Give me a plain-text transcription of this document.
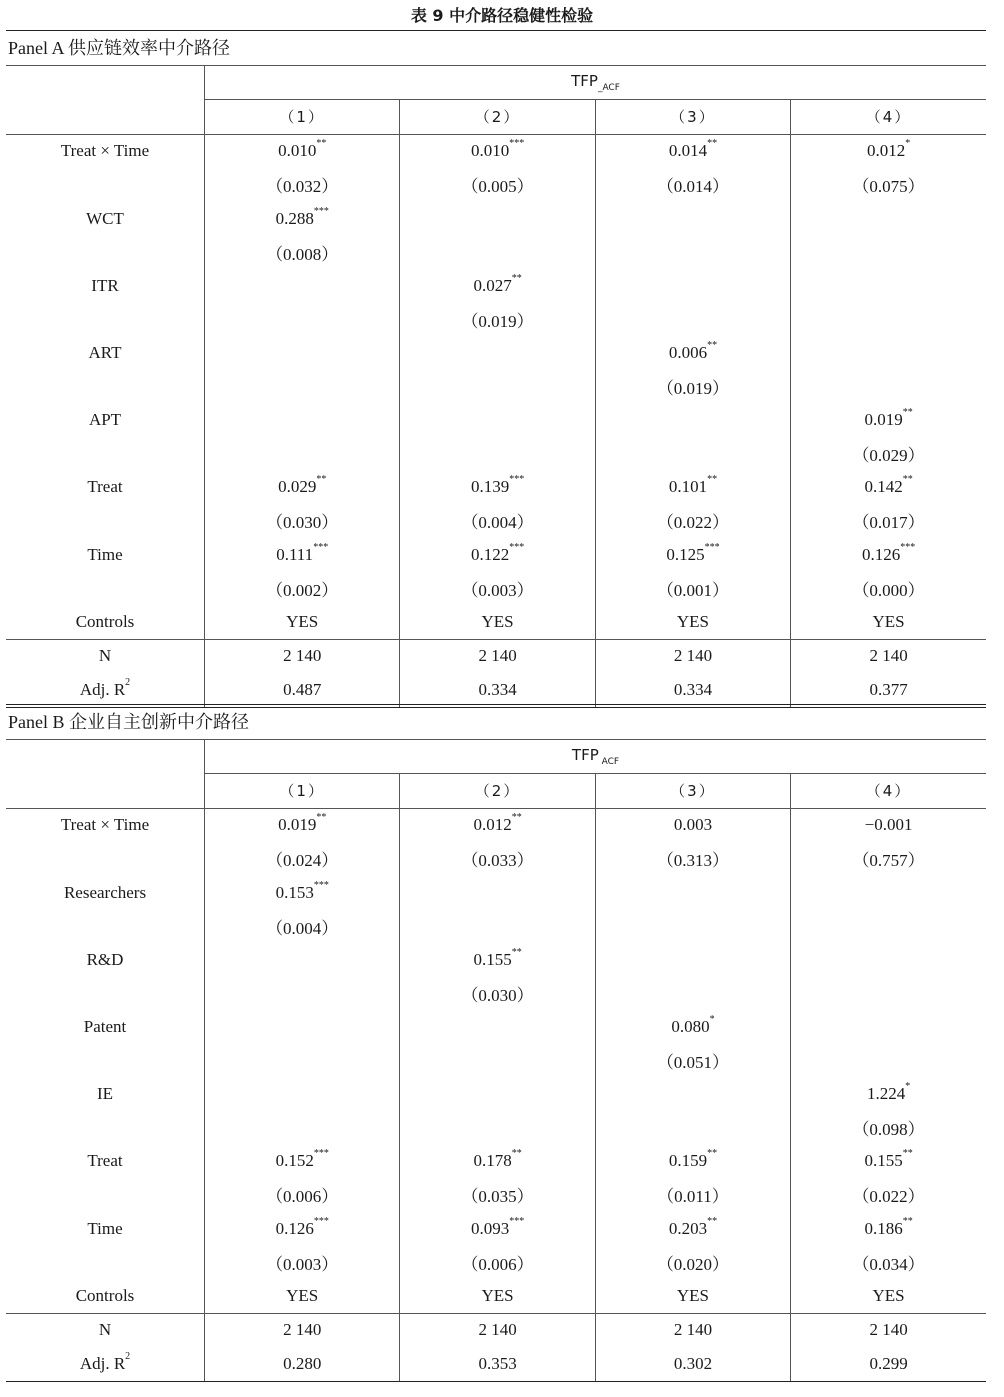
表 9 中介路径稳健性检验
Panel A 供应链效率中介路径
	$TFP_{\_ACF}$
	（1）	（2）	（3）	（4）
Treat × Time	0.010**	0.010***	0.014**	0.012*
	（0.032）	（0.005）	（0.014）	（0.075）
WCT	0.288***			
	（0.008）			
ITR		0.027**		
		（0.019）		
ART			0.006**	
			（0.019）	
APT				0.019**
				（0.029）
Treat	0.029**	0.139***	0.101**	0.142**
	（0.030）	（0.004）	（0.022）	（0.017）
Time	0.111***	0.122***	0.125***	0.126***
	（0.002）	（0.003）	（0.001）	（0.000）
Controls	YES	YES	YES	YES
N	2 140	2 140	2 140	2 140
Adj. $R^2$	0.487	0.334	0.334	0.377
Panel B 企业自主创新中介路径
	TFP $_{ACF}$
	（1）	（2）	（3）	（4）
Treat × Time	0.019**	0.012**	0.003	−0.001
	（0.024）	（0.033）	（0.313）	（0.757）
Researchers	0.153***			
	（0.004）			
R&D		0.155**		
		（0.030）		
Patent			0.080*	
			（0.051）	
IE				1.224*
				（0.098）
Treat	0.152***	0.178**	0.159**	0.155**
	（0.006）	（0.035）	（0.011）	（0.022）
Time	0.126***	0.093***	0.203**	0.186**
	（0.003）	（0.006）	（0.020）	（0.034）
Controls	YES	YES	YES	YES
N	2 140	2 140	2 140	2 140
Adj. $R^2$	0.280	0.353	0.302	0.299
